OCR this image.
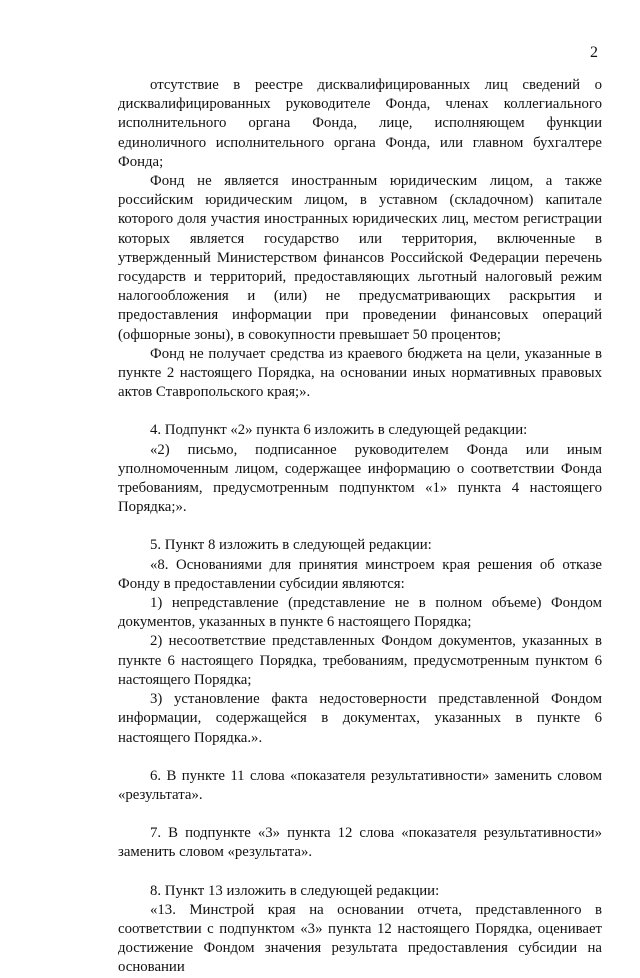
2

отсутствие в реестре дисквалифицированных лиц сведений о дисквалифицированных руководителе Фонда, членах коллегиального исполнительного органа Фонда, лице, исполняющем функции единоличного исполнительного органа Фонда, или главном бухгалтере Фонда;

Фонд не является иностранным юридическим лицом, а также российским юридическим лицом, в уставном (складочном) капитале которого доля участия иностранных юридических лиц, местом регистрации которых является государство или территория, включенные в утвержденный Министерством финансов Российской Федерации перечень государств и территорий, предоставляющих льготный налоговый режим налогообложения и (или) не предусматривающих раскрытия и предоставления информации при проведении финансовых операций (офшорные зоны), в совокупности превышает 50 процентов;

Фонд не получает средства из краевого бюджета на цели, указанные в пункте 2 настоящего Порядка, на основании иных нормативных правовых актов Ставропольского края;».

4. Подпункт «2» пункта 6 изложить в следующей редакции:

«2) письмо, подписанное руководителем Фонда или иным уполномоченным лицом, содержащее информацию о соответствии Фонда требованиям, предусмотренным подпунктом «1» пункта 4 настоящего Порядка;».

5. Пункт 8 изложить в следующей редакции:

«8. Основаниями для принятия минстроем края решения об отказе Фонду в предоставлении субсидии являются:

1) непредставление (представление не в полном объеме) Фондом документов, указанных в пункте 6 настоящего Порядка;

2) несоответствие представленных Фондом документов, указанных в пункте 6 настоящего Порядка, требованиям, предусмотренным пунктом 6 настоящего Порядка;

3) установление факта недостоверности представленной Фондом информации, содержащейся в документах, указанных в пункте 6 настоящего Порядка.».

6. В пункте 11 слова «показателя результативности» заменить словом «результата».

7. В подпункте «3» пункта 12 слова «показателя результативности» заменить словом «результата».

8. Пункт 13 изложить в следующей редакции:

«13. Минстрой края на основании отчета, представленного в соответствии с подпунктом «3» пункта 12 настоящего Порядка, оценивает достижение Фондом значения результата предоставления субсидии на основании
